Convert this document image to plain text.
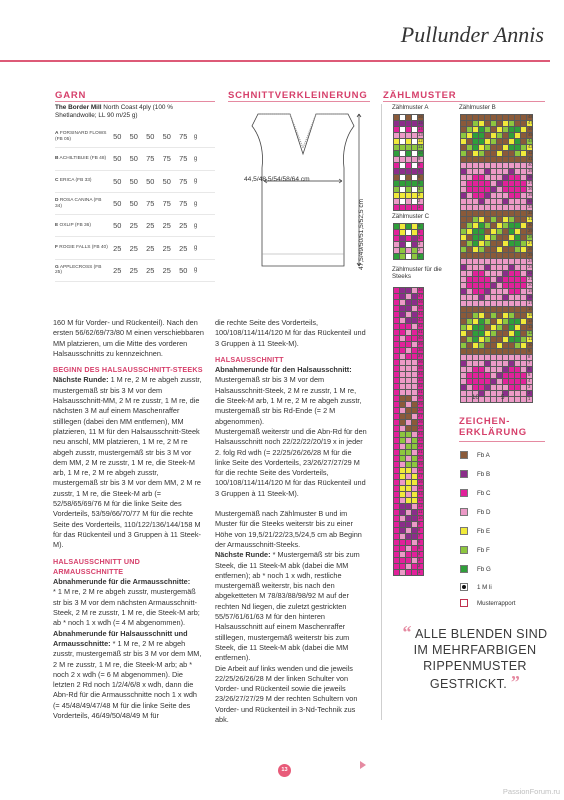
Pullunder Annis
GARN
The Border Mill North Coast 4ply (100 % Shetlandwolle; LL 90 m/25 g)
A FORSINARD FLOWS (FB 05)	50	50	50	50	75	g
B ACHILTIBUIE (FB 48) 50	50	75	75	75	g
C ERICA (FB 33)	50	50	50	50	75	g
D ROSA CANINA (FB 34)	50	50	75	75	75	g
E OXLIP (FB 36)	50	25	25	25	25	g
F ROGIE FALLS (FB 40) 25	25	25	25	25	g
G APPLECROSS (FB 25)	25	25	25	25	50	g
SCHNITTVERKLEINERUNG
44,5/48,5/54/58/64 cm
47,5/49/50/51,5/52,5 cm
ZÄHLMUSTER
Zählmuster A
16
15
14
13
12
11
10
9
8
7
6
5
4
3
2
1
Zählmuster C
6
5
4
3
2
1
Zählmuster für die Steeks
48
47
46
45
44
43
42
41
40
39
38
37
36
35
34
33
32
31
30
29
28
27
26
25
24
23
22
21
20
19
18
17
16
15
14
13
12
11
10
9
8
7
6
5
4
3
2
1
Zählmuster B
48
47
46
45
44
43
42
41
40
39
38
37
36
35
34
33
32
31
30
29
28
27
26
25
24
23
22
21
20
19
18
17
16
15
14
13
12
11
10
9
8
7
6
5
4
3
2
1
10	5
ZEICHEN-
ERKLÄRUNG
Fb A
Fb B
Fb C
Fb D
Fb E
Fb F
Fb G
1 M li
Musterrapport

160 M für Vorder- und Rückenteil). Nach den ersten 56/62/69/73/80 M einen verschiebbaren MM platzieren, um die Mitte des vorderen Halsausschnitts zu kennzeichnen.

BEGINN DES HALSAUSSCHNITT-STEEKS

Nächste Runde: 1 M re, 2 M re abgeh zusstr, mustergemäß str bis 3 M vor dem Halsausschnitt-MM, 2 M re zusstr, 1 M re, die nächsten 3 M auf einem Maschenraffer stilllegen (dabei den MM entfernen), MM platzieren, 11 M für den Halsausschnitt-Steek neu anschl, MM platzieren, 1 M re, 2 M re abgeh zusstr, mustergemäß str bis 3 M vor dem MM, 2 M re zusstr, 1 M re, die Steek-M arb, 1 M re, 2 M re abgeh zusstr, mustergemäß str bis 3 M vor dem MM, 2 M re zusstr, 1 M re, die Steek-M arb (= 52/58/65/69/76 M für die linke Seite des Vorderteils, 53/59/66/70/77 M für die rechte Seite des Vorderteils, 110/122/136/144/158 M für das Rückenteil und 3 Gruppen à 11 Steek-M).

HALSAUSSCHNITT UND ARMAUSSCHNITTE

Abnahmerunde für die Armausschnitte:

* 1 M re, 2 M re abgeh zusstr, mustergemäß str bis 3 M vor dem nächsten Armausschnitt-Steek, 2 M re zusstr, 1 M re, die Steek-M arb; ab * noch 1 x wdh (= 4 M abgenommen).

Abnahmerunde für Halsausschnitt und Armausschnitte: * 1 M re, 2 M re abgeh zusstr, mustergemäß str bis 3 M vor dem MM, 2 M re zusstr, 1 M re, die Steek-M arb; ab * noch 2 x wdh (= 6 M abgenommen). Die letzten 2 Rd noch 1/2/4/6/8 x wdh, dann die Abn-Rd für die Armausschnitte noch 1 x wdh (= 45/48/49/47/48 M für die linke Seite des Vorderteils, 46/49/50/48/49 M für

die rechte Seite des Vorderteils, 100/108/114/114/120 M für das Rückenteil und 3 Gruppen à 11 Steek-M).

HALSAUSSCHNITT

Abnahmerunde für den Halsausschnitt:

Mustergemäß str bis 3 M vor dem Halsausschnitt-Steek, 2 M re zusstr, 1 M re, die Steek-M arb, 1 M re, 2 M re abgeh zusstr, mustergemäß str bis Rd-Ende (= 2 M abgenommen).

Mustergemäß weiterstr und die Abn-Rd für den Halsausschnitt noch 22/22/22/20/19 x in jeder 2. folg Rd wdh (= 22/25/26/26/28 M für die linke Seite des Vorderteils, 23/26/27/27/29 M für die rechte Seite des Vorderteils, 100/108/114/114/120 M für das Rückenteil und 3 Gruppen à 11 Steek-M).

Mustergemäß nach Zählmuster B und im Muster für die Steeks weiterstr bis zu einer Höhe von 19,5/21/22/23,5/24,5 cm ab Beginn der Armausschnitt-Steeks.

Nächste Runde: * Mustergemäß str bis zum Steek, die 11 Steek-M abk (dabei die MM entfernen); ab * noch 1 x wdh, restliche mustergemäß weiterstr, bis nach den abgeketteten M 78/83/88/98/92 M auf der rechten Nd liegen, die zuletzt gestrickten 55/57/61/61/63 M für den hinteren Halsausschnitt auf einem Maschenraffer stilllegen, mustergemäß weiterstr bis zum Steek, die 11 Steek-M abk (dabei die MM entfernen).

Die Arbeit auf links wenden und die jeweils 22/25/26/26/28 M der linken Schulter von Vorder- und Rückenteil sowie die jeweils 23/26/27/27/29 M der rechten Schultern von Vorder- und Rückenteil in 3-Nd-Technik zus abk.

“ ALLE BLENDEN SIND IM MEHRFARBIGEN RIPPENMUSTER GESTRICKT. ”
13
PassionForum.ru
